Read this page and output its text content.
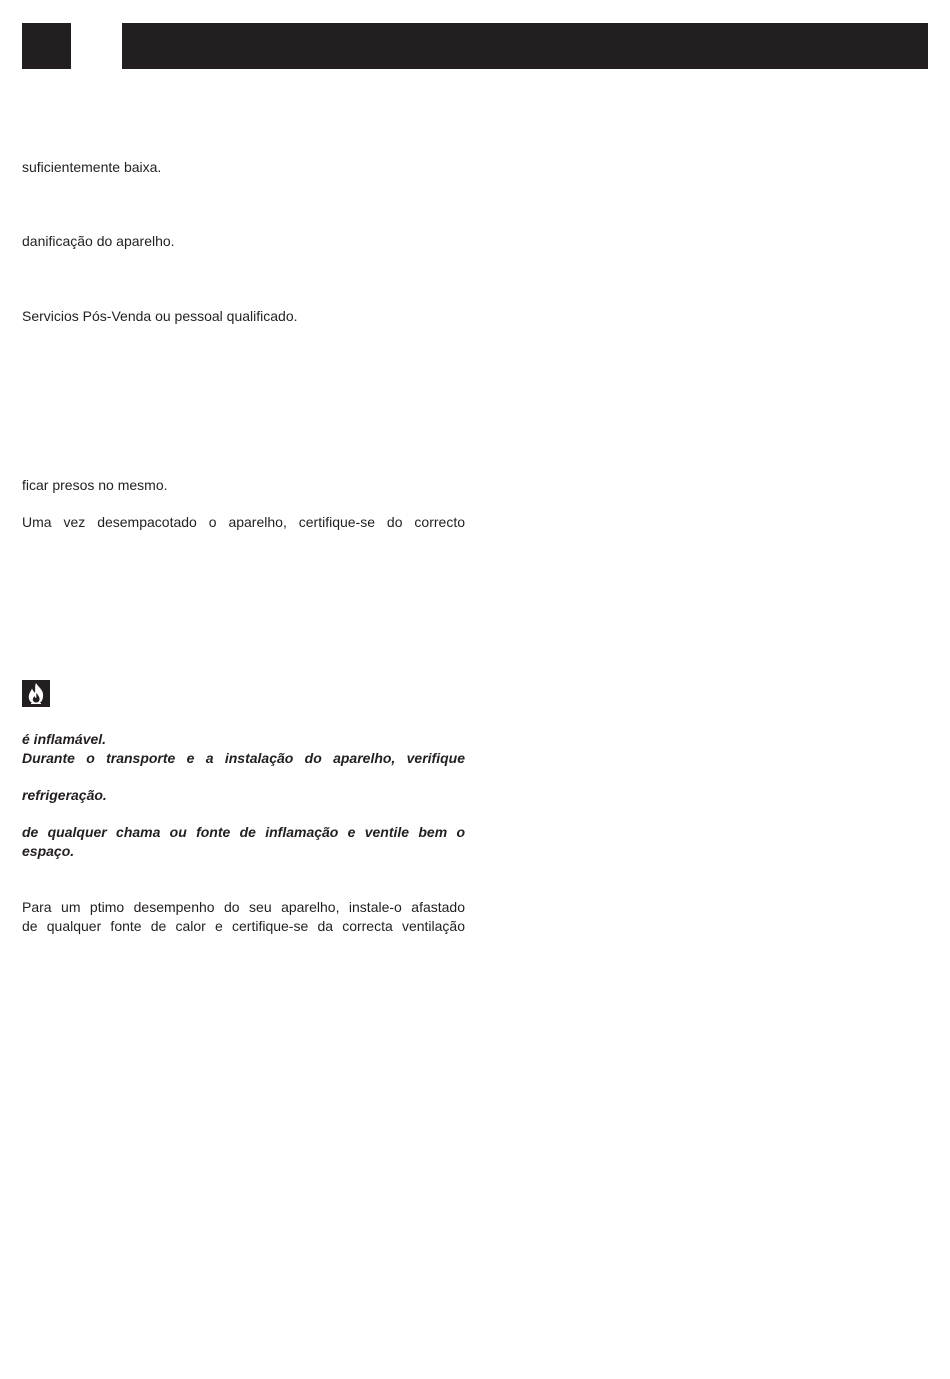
suficientemente baixa.
danificação do aparelho.
Servicios Pós-Venda ou pessoal qualificado.
ficar presos no mesmo.
Uma vez desempacotado o aparelho, certifique-se do correcto
é inflamável.
Durante o transporte e a instalação do aparelho, verifique
refrigeração.
de qualquer chama ou fonte de inflamação e ventile bem o
espaço.
Para um ptimo desempenho do seu aparelho, instale-o afastado
de qualquer fonte de calor e certifique-se da correcta ventilação
